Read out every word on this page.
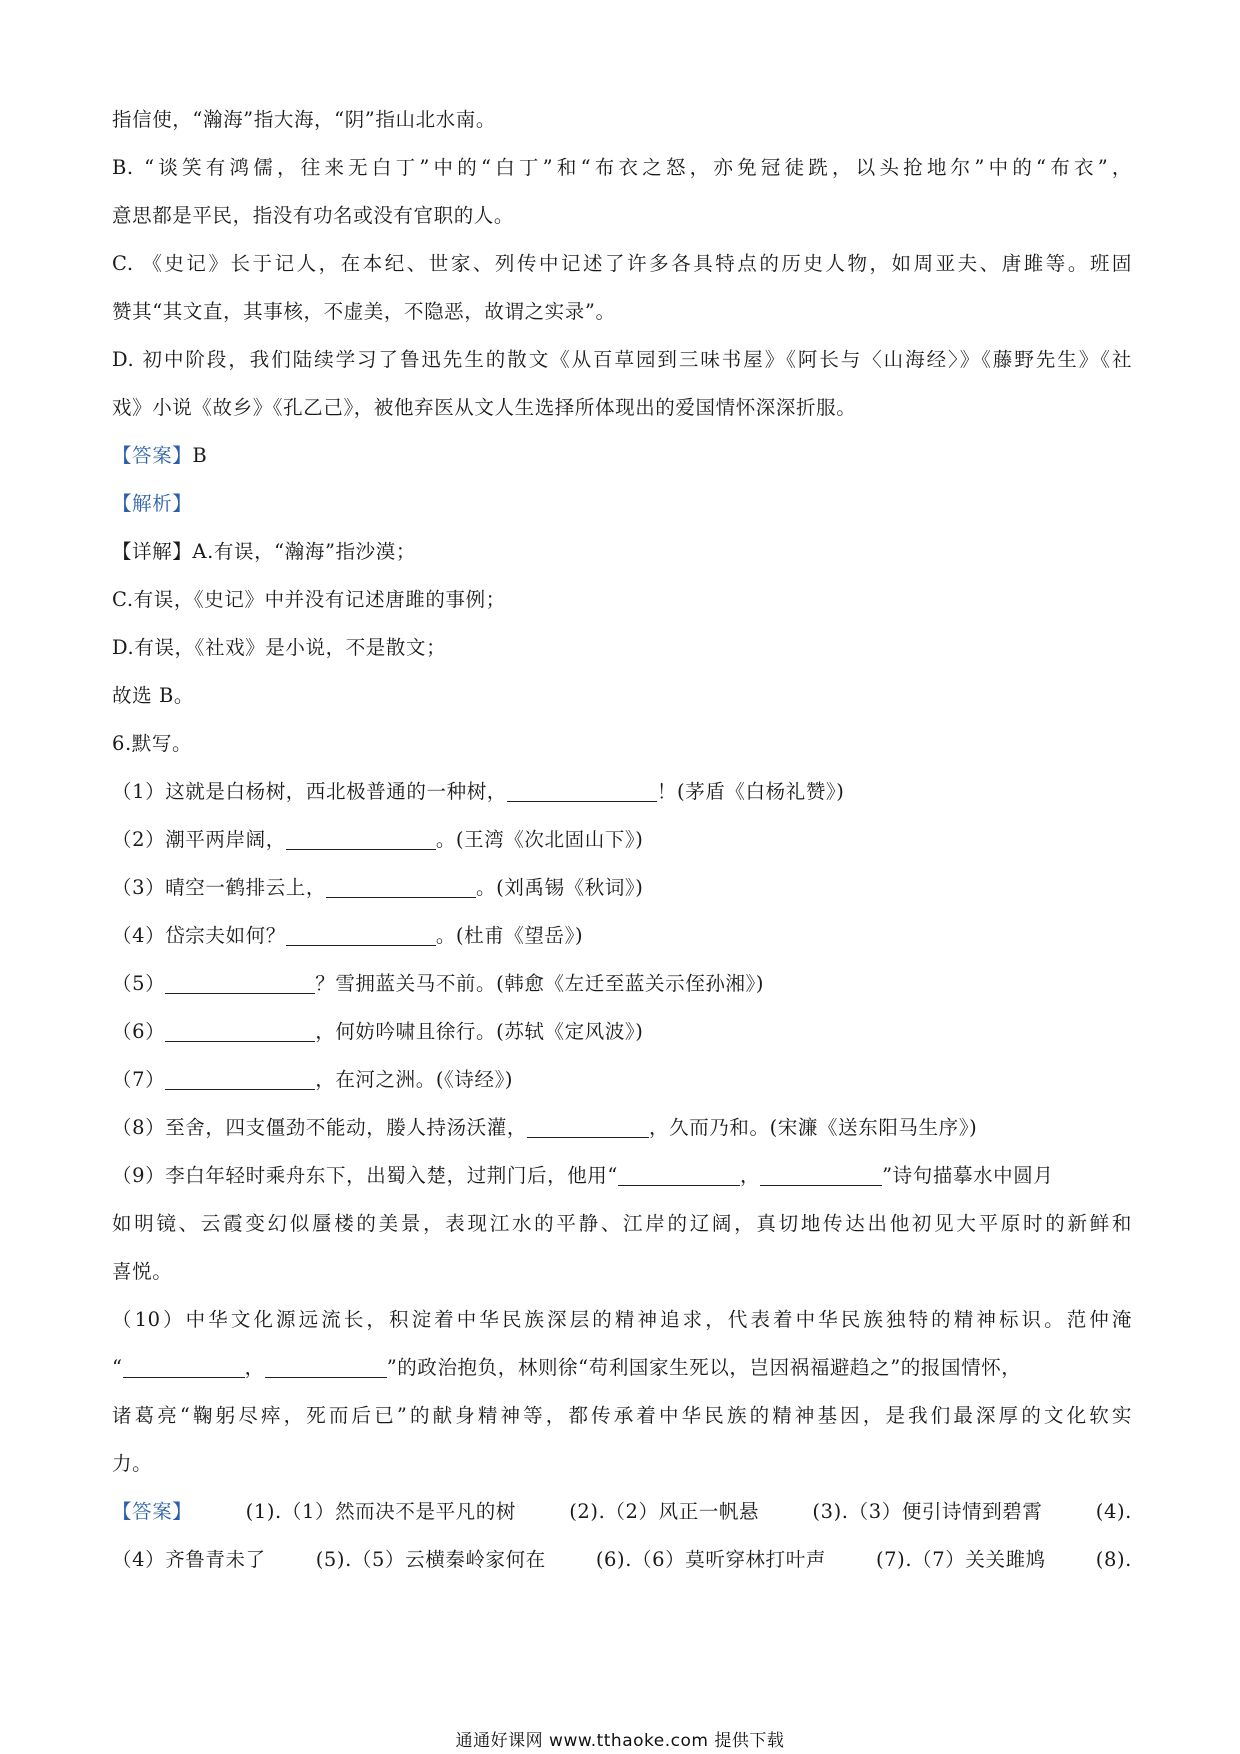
指信使，“瀚海”指大海，“阴”指山北水南。
B. “谈笑有鸿儒，往来无白丁”中的“白丁”和“布衣之怒，亦免冠徒跣，以头抢地尔”中的“布衣”，
意思都是平民，指没有功名或没有官职的人。
C. 《史记》长于记人，在本纪、世家、列传中记述了许多各具特点的历史人物，如周亚夫、唐雎等。班固
赞其“其文直，其事核，不虚美，不隐恶，故谓之实录”。
D. 初中阶段，我们陆续学习了鲁迅先生的散文《从百草园到三味书屋》《阿长与〈山海经〉》《藤野先生》《社
戏》小说《故乡》《孔乙己》，被他弃医从文人生选择所体现出的爱国情怀深深折服。
【答案】B
【解析】
【详解】A.有误，“瀚海”指沙漠；
C.有误，《史记》中并没有记述唐雎的事例；
D.有误，《社戏》是小说，不是散文；
故选 B。
6.默写。
（1）这就是白杨树，西北极普通的一种树，	！(茅盾《白杨礼赞》)
（2）潮平两岸阔，	。(王湾《次北固山下》)
（3）晴空一鹤排云上，	。(刘禹锡《秋词》)
（4）岱宗夫如何？	。(杜甫《望岳》)
（5）	？雪拥蓝关马不前。(韩愈《左迁至蓝关示侄孙湘》)
（6）	，何妨吟啸且徐行。(苏轼《定风波》)
（7）	，在河之洲。(《诗经》)
（8）至舍，四支僵劲不能动，媵人持汤沃灌，	，久而乃和。(宋濂《送东阳马生序》)
（9）李白年轻时乘舟东下，出蜀入楚，过荆门后，他用“	，	”诗句描摹水中圆月
如明镜、云霞变幻似蜃楼的美景，表现江水的平静、江岸的辽阔，真切地传达出他初见大平原时的新鲜和
喜悦。
（10）中华文化源远流长，积淀着中华民族深层的精神追求，代表着中华民族独特的精神标识。范仲淹
“	，	”的政治抱负，林则徐“苟利国家生死以，岂因祸福避趋之”的报国情怀，
诸葛亮“鞠躬尽瘁，死而后已”的献身精神等，都传承着中华民族的精神基因，是我们最深厚的文化软实
力。
【答案】	(1).（1）然而决不是平凡的树	(2).（2）风正一帆悬	(3).（3）便引诗情到碧霄	(4).
（4）齐鲁青未了	(5).（5）云横秦岭家何在	(6).（6）莫听穿林打叶声	(7).（7）关关雎鸠	(8).
通通好课网 www.tthaoke.com 提供下载
